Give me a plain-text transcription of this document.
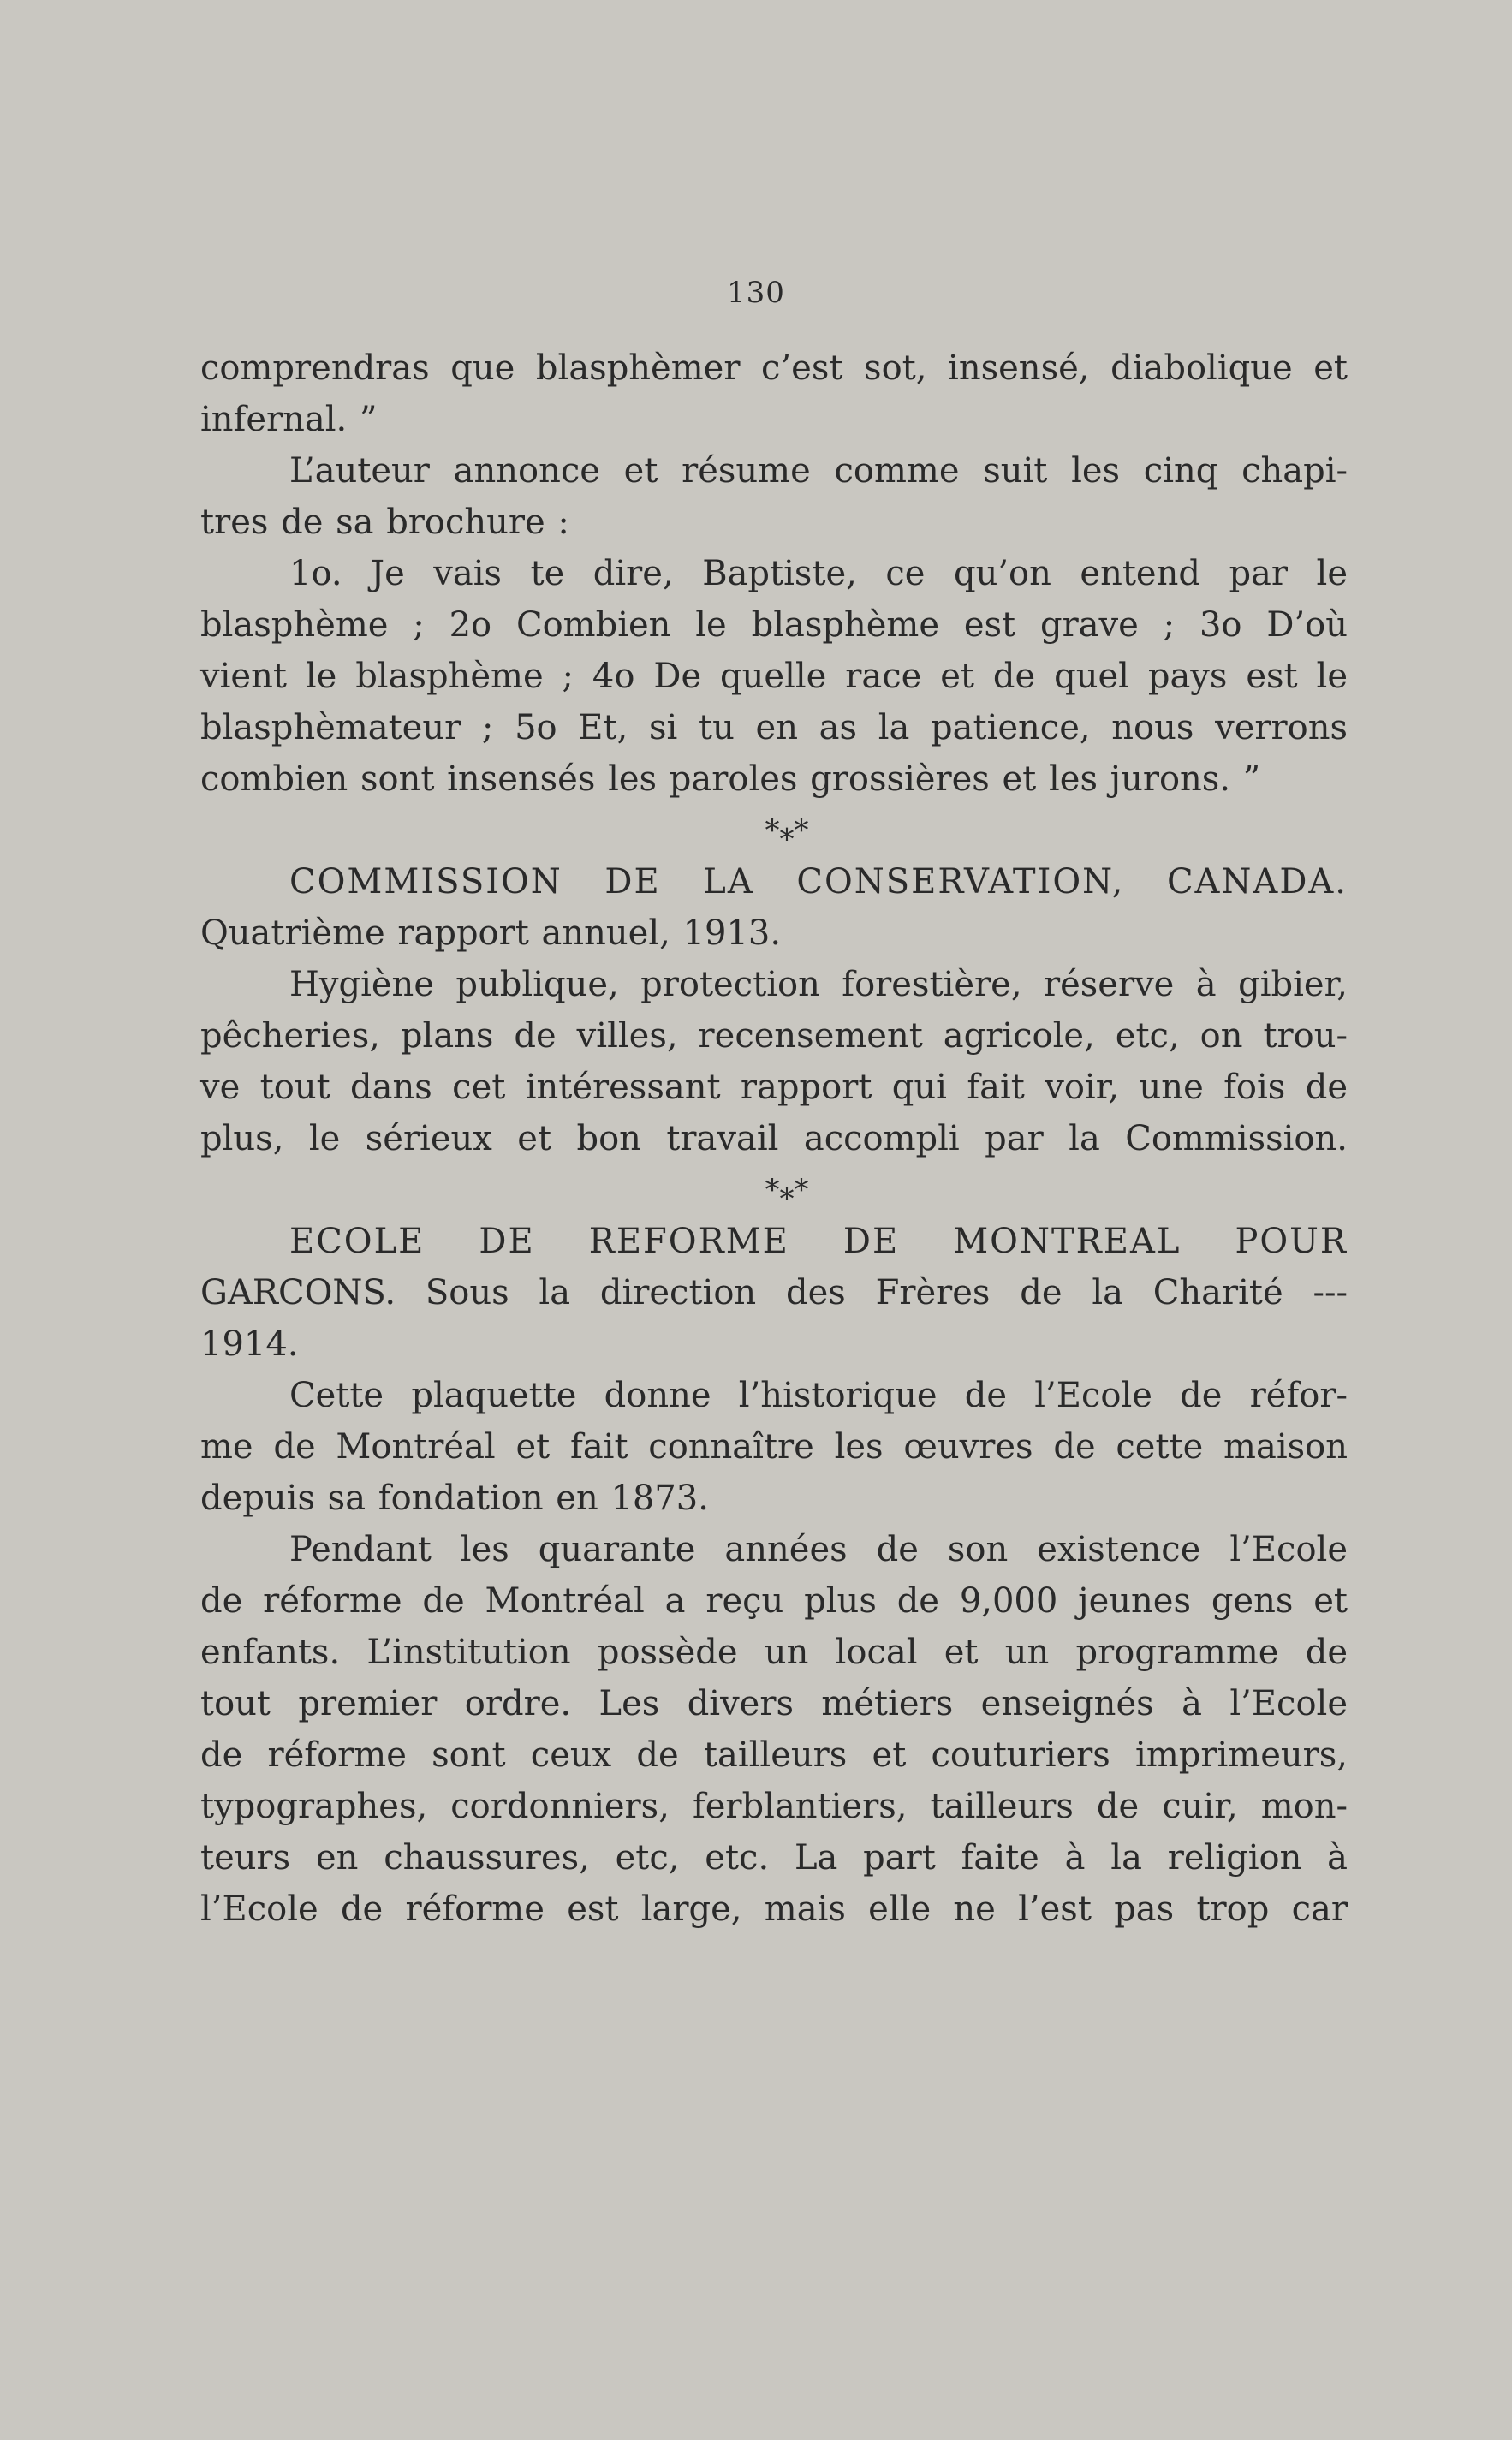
130
comprendras que blasphèmer c’est sot, insensé, diabolique et
infernal. ”
L’auteur annonce et résume comme suit les cinq chapi-
tres de sa brochure :
1o. Je vais te dire, Baptiste, ce qu’on entend par le
blasphème ; 2o Combien le blasphème est grave ; 3o D’où
vient le blasphème ; 4o De quelle race et de quel pays est le
blasphèmateur ; 5o Et, si tu en as la patience, nous verrons
combien sont insensés les paroles grossières et les jurons. ”
*⁎*
COMMISSION DE LA CONSERVATION, CANADA.
Quatrième rapport annuel, 1913.
Hygiène publique, protection forestière, réserve à gibier,
pêcheries, plans de villes, recensement agricole, etc, on trou-
ve tout dans cet intéressant rapport qui fait voir, une fois de
plus, le sérieux et bon travail accompli par la Commission.
*⁎*
ECOLE DE REFORME DE MONTREAL POUR
GARCONS. Sous la direction des Frères de la Charité ---
1914.
Cette plaquette donne l’historique de l’Ecole de réfor-
me de Montréal et fait connaître les œuvres de cette maison
depuis sa fondation en 1873.
Pendant les quarante années de son existence l’Ecole
de réforme de Montréal a reçu plus de 9,000 jeunes gens et
enfants. L’institution possède un local et un programme de
tout premier ordre. Les divers métiers enseignés à l’Ecole
de réforme sont ceux de tailleurs et couturiers imprimeurs,
typographes, cordonniers, ferblantiers, tailleurs de cuir, mon-
teurs en chaussures, etc, etc. La part faite à la religion à
l’Ecole de réforme est large, mais elle ne l’est pas trop car
